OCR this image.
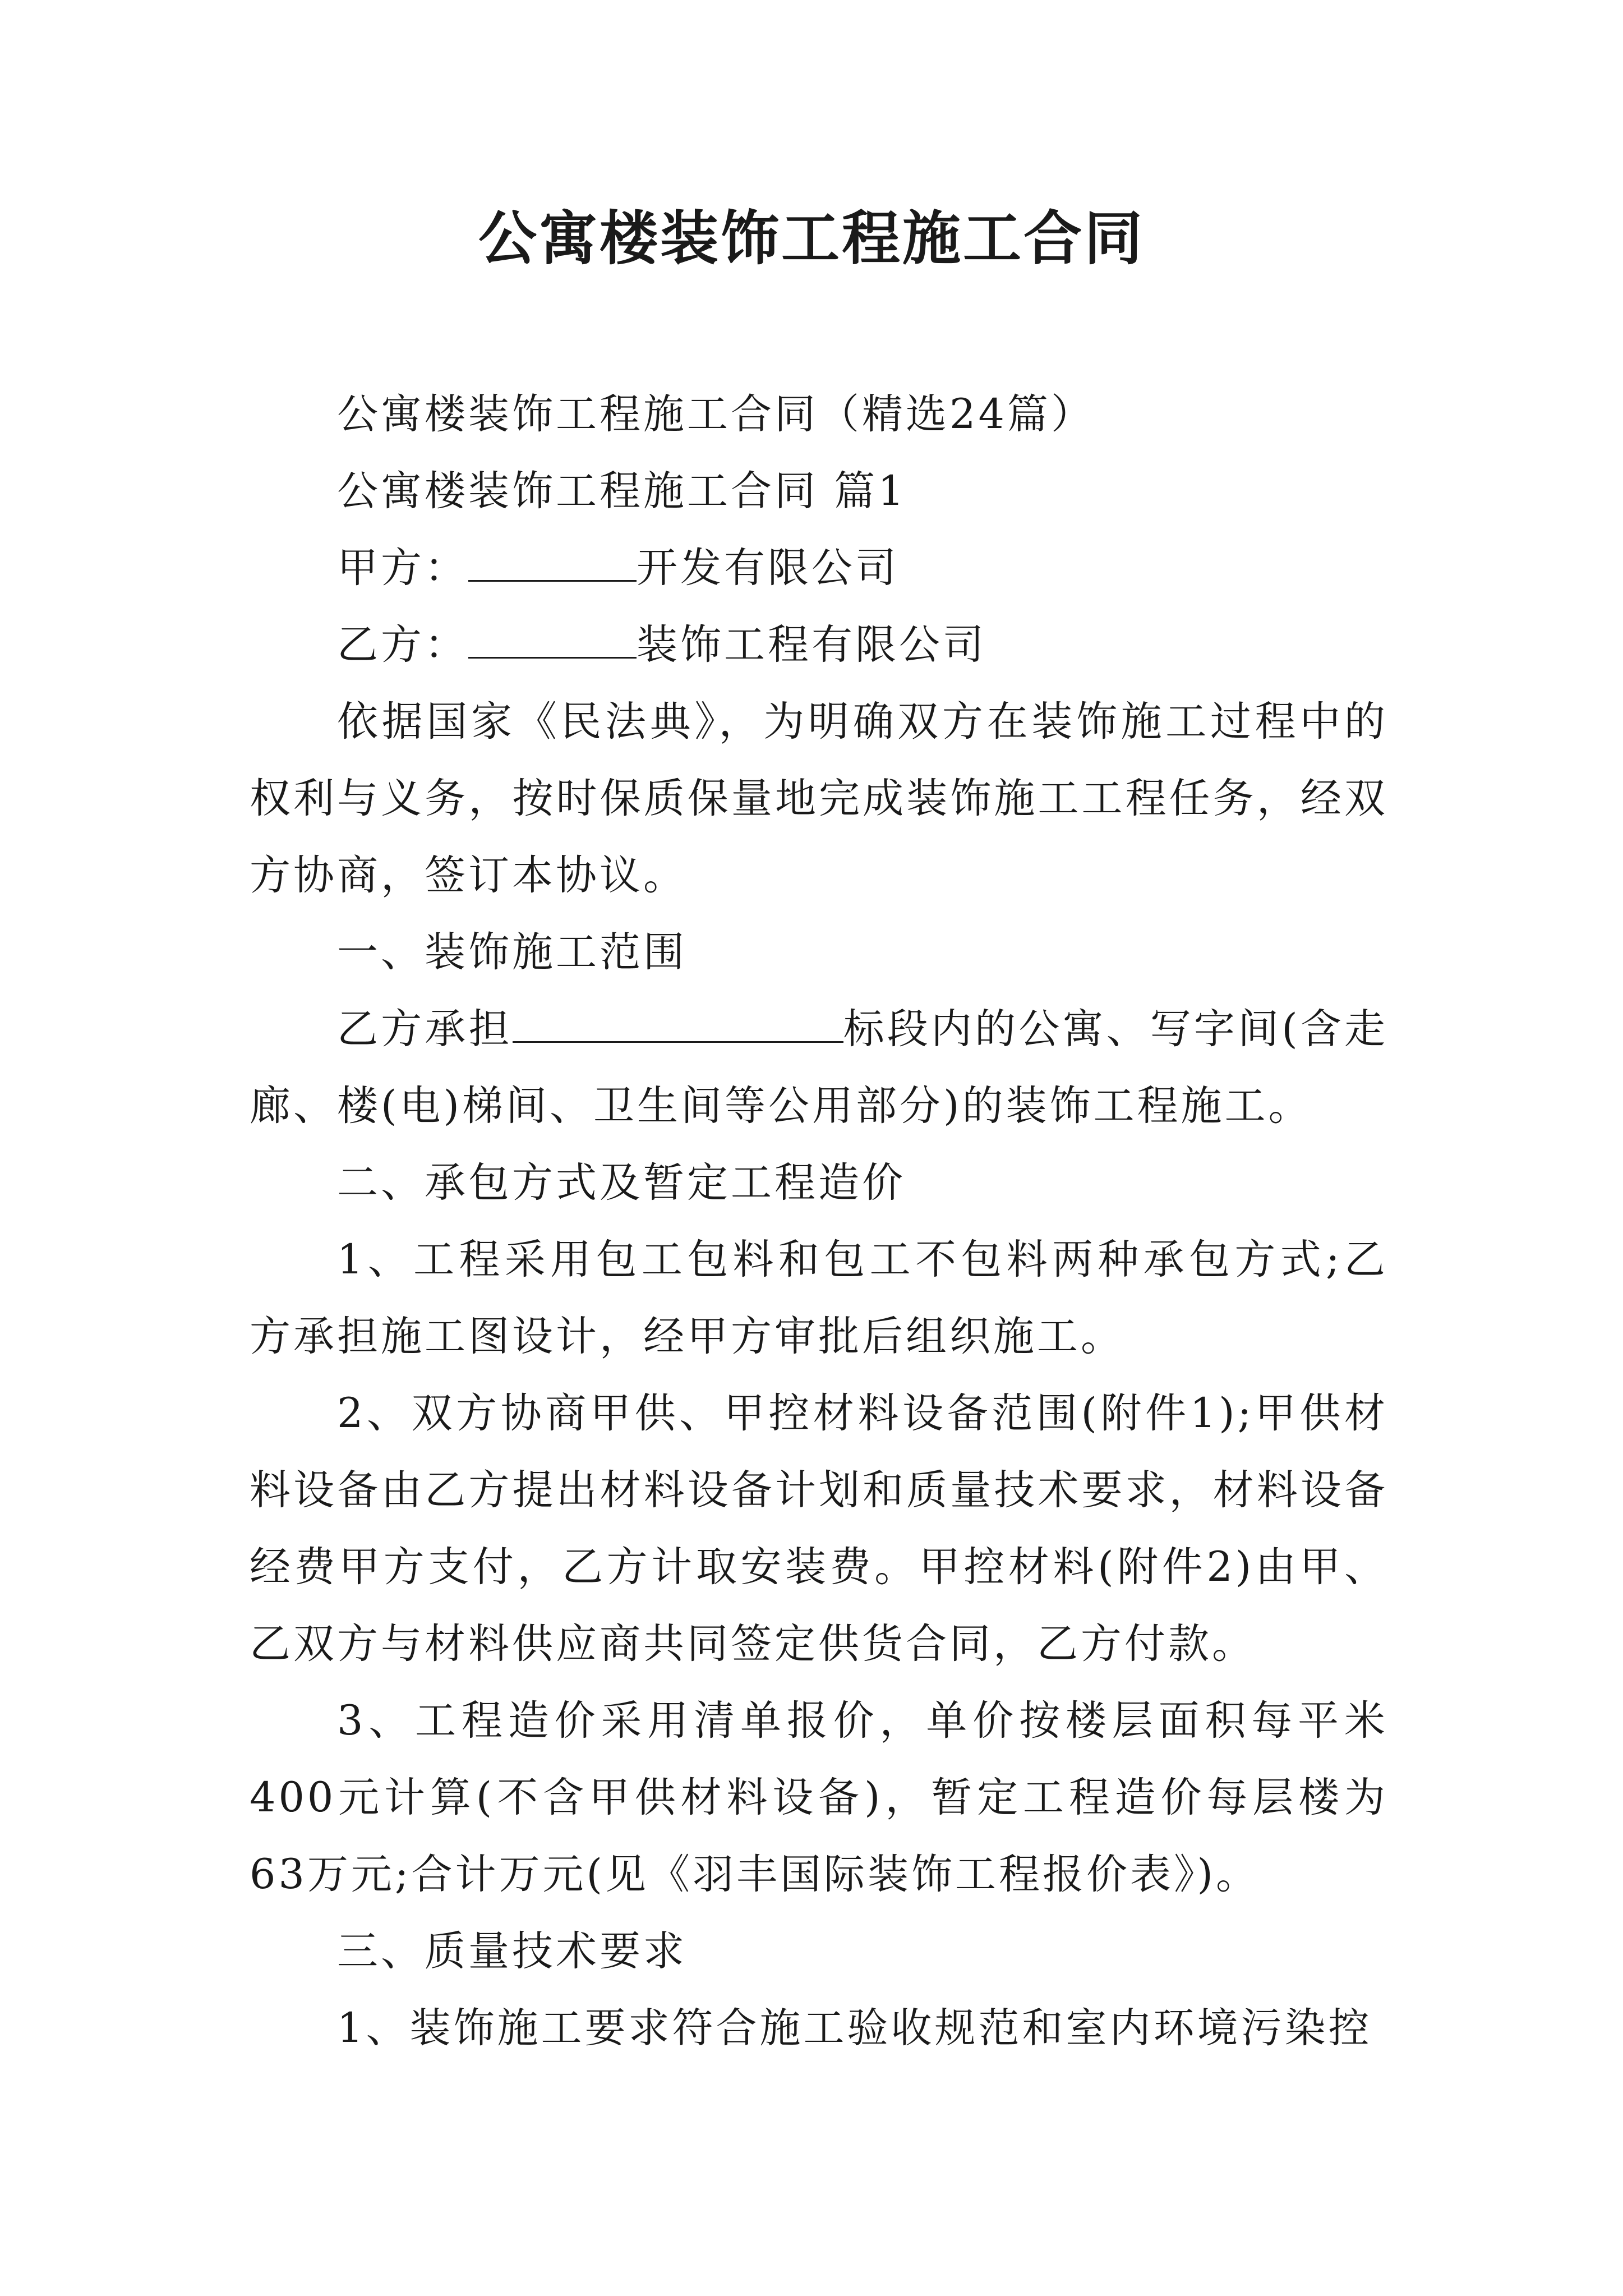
公寓楼装饰工程施工合同

公寓楼装饰工程施工合同（精选24篇）

公寓楼装饰工程施工合同 篇1

甲方：	开发有限公司

乙方：	装饰工程有限公司

依据国家《民法典》，为明确双方在装饰施工过程中的权利与义务，按时保质保量地完成装饰施工工程任务，经双方协商，签订本协议。

一、装饰施工范围

乙方承担	标段内的公寓、写字间(含走廊、楼(电)梯间、卫生间等公用部分)的装饰工程施工。

二、承包方式及暂定工程造价

1、工程采用包工包料和包工不包料两种承包方式;乙方承担施工图设计，经甲方审批后组织施工。

2、双方协商甲供、甲控材料设备范围(附件1);甲供材料设备由乙方提出材料设备计划和质量技术要求，材料设备经费甲方支付，乙方计取安装费。甲控材料(附件2)由甲、乙双方与材料供应商共同签定供货合同，乙方付款。

3、工程造价采用清单报价，单价按楼层面积每平米400元计算(不含甲供材料设备)，暂定工程造价每层楼为63万元;合计万元(见《羽丰国际装饰工程报价表》)。

三、质量技术要求

1、装饰施工要求符合施工验收规范和室内环境污染控
